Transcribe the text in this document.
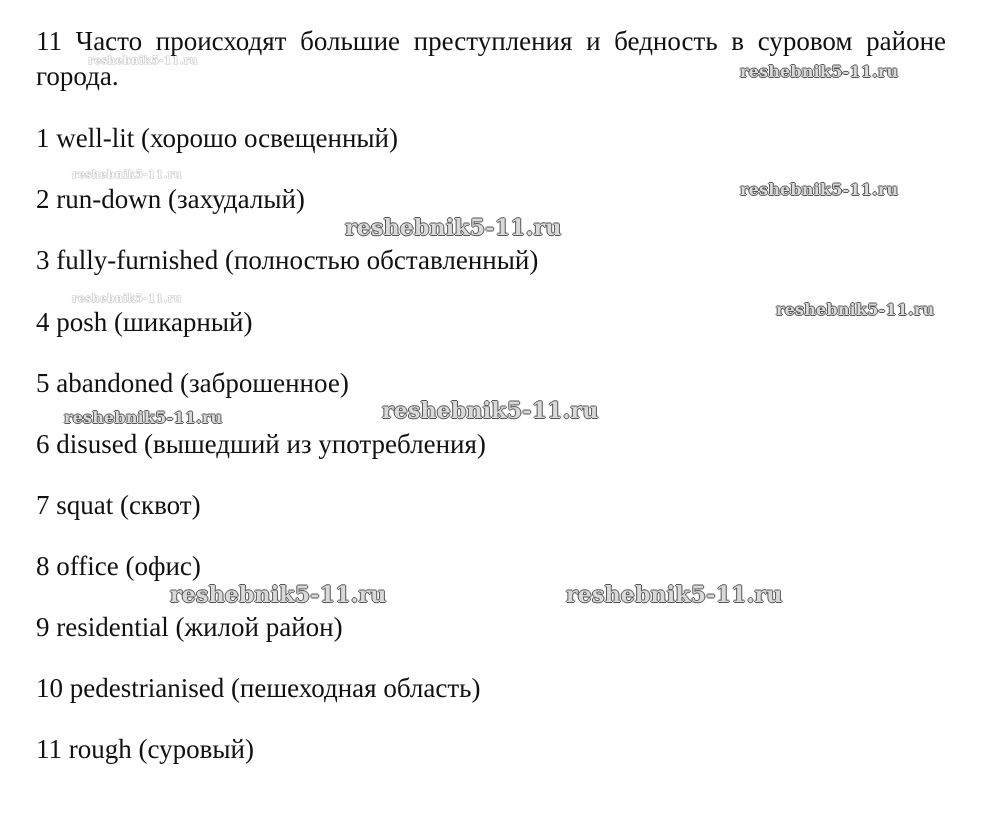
11 Часто происходят большие преступления и бедность в суровом районе города.

1 well-lit (хорошо освещенный)

2 run-down (захудалый)

3 fully-furnished (полностью обставленный)

4 posh (шикарный)

5 abandoned (заброшенное)

6 disused (вышедший из употребления)

7 squat (сквот)

8 office (офис)

9 residential (жилой район)

10 pedestrianised (пешеходная область)

11 rough (суровый)

reshebnik5-11.ru
reshebnik5-11.ru
reshebnik5-11.ru
reshebnik5-11.ru
reshebnik5-11.ru
reshebnik5-11.ru
reshebnik5-11.ru
reshebnik5-11.ru	reshebnik5-11.ru
reshebnik5-11.ru	reshebnik5-11.ru
